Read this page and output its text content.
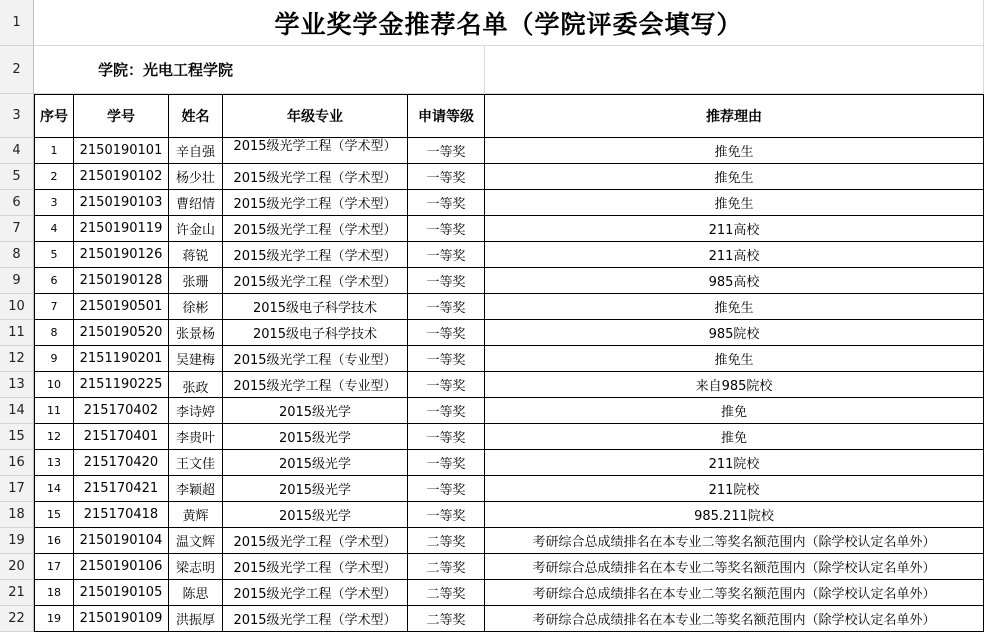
1	学业奖学金推荐名单（学院评委会填写）
2	学院：光电工程学院
3	序号	学号	姓名	年级专业	申请等级	推荐理由
4	1	2150190101	辛自强	2015级光学工程（学术型）	一等奖	推免生
5	2	2150190102	杨少壮	2015级光学工程（学术型）	一等奖	推免生
6	3	2150190103	曹绍情	2015级光学工程（学术型）	一等奖	推免生
7	4	2150190119	许金山	2015级光学工程（学术型）	一等奖	211高校
8	5	2150190126	蒋锐	2015级光学工程（学术型）	一等奖	211高校
9	6	2150190128	张珊	2015级光学工程（学术型）	一等奖	985高校
10	7	2150190501	徐彬	2015级电子科学技术	一等奖	推免生
11	8	2150190520	张景杨	2015级电子科学技术	一等奖	985院校
12	9	2151190201	吴建梅	2015级光学工程（专业型）	一等奖	推免生
13	10	2151190225	张政	2015级光学工程（专业型）	一等奖	来自985院校
14	11	215170402	李诗婷	2015级光学	一等奖	推免
15	12	215170401	李贵叶	2015级光学	一等奖	推免
16	13	215170420	王文佳	2015级光学	一等奖	211院校
17	14	215170421	李颖超	2015级光学	一等奖	211院校
18	15	215170418	黄辉	2015级光学	一等奖	985.211院校
19	16	2150190104	温文辉	2015级光学工程（学术型）	二等奖	考研综合总成绩排名在本专业二等奖名额范围内（除学校认定名单外）
20	17	2150190106	梁志明	2015级光学工程（学术型）	二等奖	考研综合总成绩排名在本专业二等奖名额范围内（除学校认定名单外）
21	18	2150190105	陈思	2015级光学工程（学术型）	二等奖	考研综合总成绩排名在本专业二等奖名额范围内（除学校认定名单外）
22	19	2150190109	洪振厚	2015级光学工程（学术型）	二等奖	考研综合总成绩排名在本专业二等奖名额范围内（除学校认定名单外）
